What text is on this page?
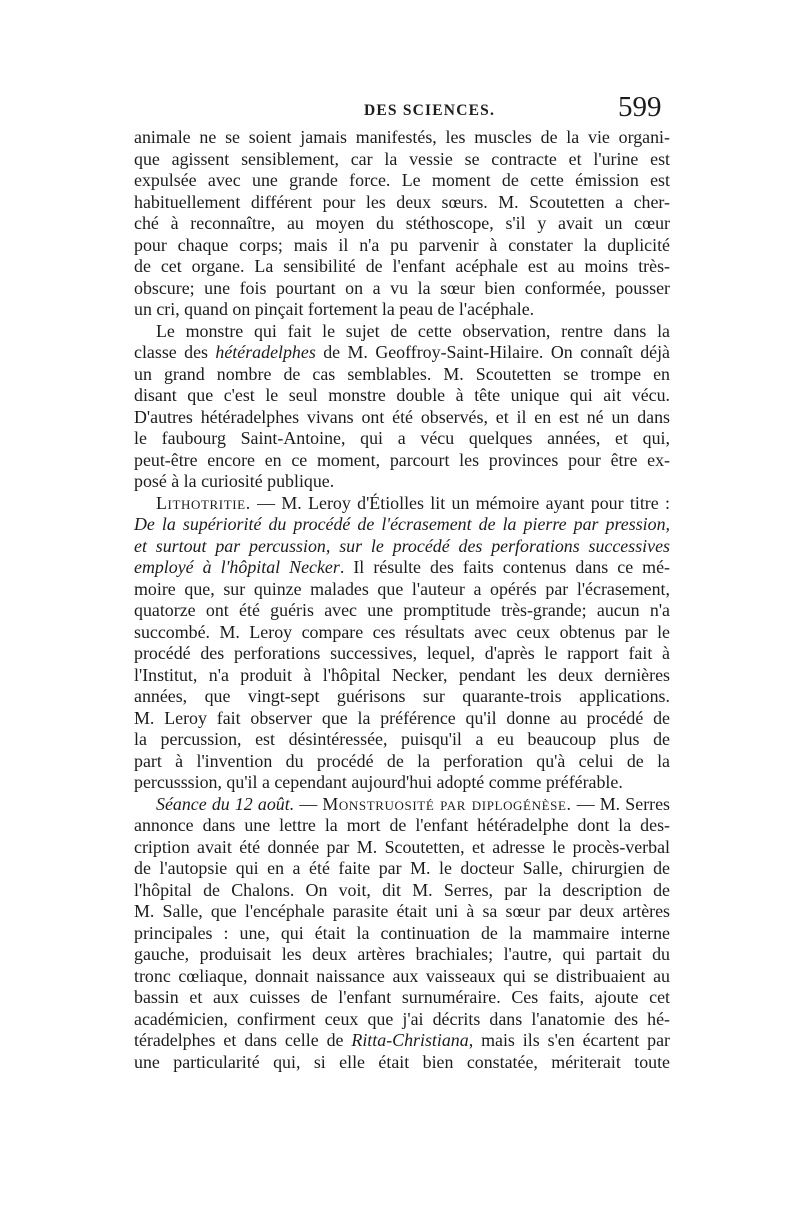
DES SCIENCES.	599
animale ne se soient jamais manifestés, les muscles de la vie organi-
que agissent sensiblement, car la vessie se contracte et l'urine est
expulsée avec une grande force. Le moment de cette émission est
habituellement différent pour les deux sœurs. M. Scoutetten a cher-
ché à reconnaître, au moyen du stéthoscope, s'il y avait un cœur
pour chaque corps; mais il n'a pu parvenir à constater la duplicité
de cet organe. La sensibilité de l'enfant acéphale est au moins très-
obscure; une fois pourtant on a vu la sœur bien conformée, pousser
un cri, quand on pinçait fortement la peau de l'acéphale.
Le monstre qui fait le sujet de cette observation, rentre dans la
classe des hétéradelphes de M. Geoffroy-Saint-Hilaire. On connaît déjà
un grand nombre de cas semblables. M. Scoutetten se trompe en
disant que c'est le seul monstre double à tête unique qui ait vécu.
D'autres hétéradelphes vivans ont été observés, et il en est né un dans
le faubourg Saint-Antoine, qui a vécu quelques années, et qui,
peut-être encore en ce moment, parcourt les provinces pour être ex-
posé à la curiosité publique.
Lithotritie. — M. Leroy d'Étiolles lit un mémoire ayant pour titre :
De la supériorité du procédé de l'écrasement de la pierre par pression,
et surtout par percussion, sur le procédé des perforations successives
employé à l'hôpital Necker. Il résulte des faits contenus dans ce mé-
moire que, sur quinze malades que l'auteur a opérés par l'écrasement,
quatorze ont été guéris avec une promptitude très-grande; aucun n'a
succombé. M. Leroy compare ces résultats avec ceux obtenus par le
procédé des perforations successives, lequel, d'après le rapport fait à
l'Institut, n'a produit à l'hôpital Necker, pendant les deux dernières
années, que vingt-sept guérisons sur quarante-trois applications.
M. Leroy fait observer que la préférence qu'il donne au procédé de
la percussion, est désintéressée, puisqu'il a eu beaucoup plus de
part à l'invention du procédé de la perforation qu'à celui de la
percusssion, qu'il a cependant aujourd'hui adopté comme préférable.
Séance du 12 août. — Monstruosité par diplogénèse. — M. Serres
annonce dans une lettre la mort de l'enfant hétéradelphe dont la des-
cription avait été donnée par M. Scoutetten, et adresse le procès-verbal
de l'autopsie qui en a été faite par M. le docteur Salle, chirurgien de
l'hôpital de Chalons. On voit, dit M. Serres, par la description de
M. Salle, que l'encéphale parasite était uni à sa sœur par deux artères
principales : une, qui était la continuation de la mammaire interne
gauche, produisait les deux artères brachiales; l'autre, qui partait du
tronc cœliaque, donnait naissance aux vaisseaux qui se distribuaient au
bassin et aux cuisses de l'enfant surnuméraire. Ces faits, ajoute cet
académicien, confirment ceux que j'ai décrits dans l'anatomie des hé-
téradelphes et dans celle de Ritta-Christiana, mais ils s'en écartent par
une particularité qui, si elle était bien constatée, mériterait toute
